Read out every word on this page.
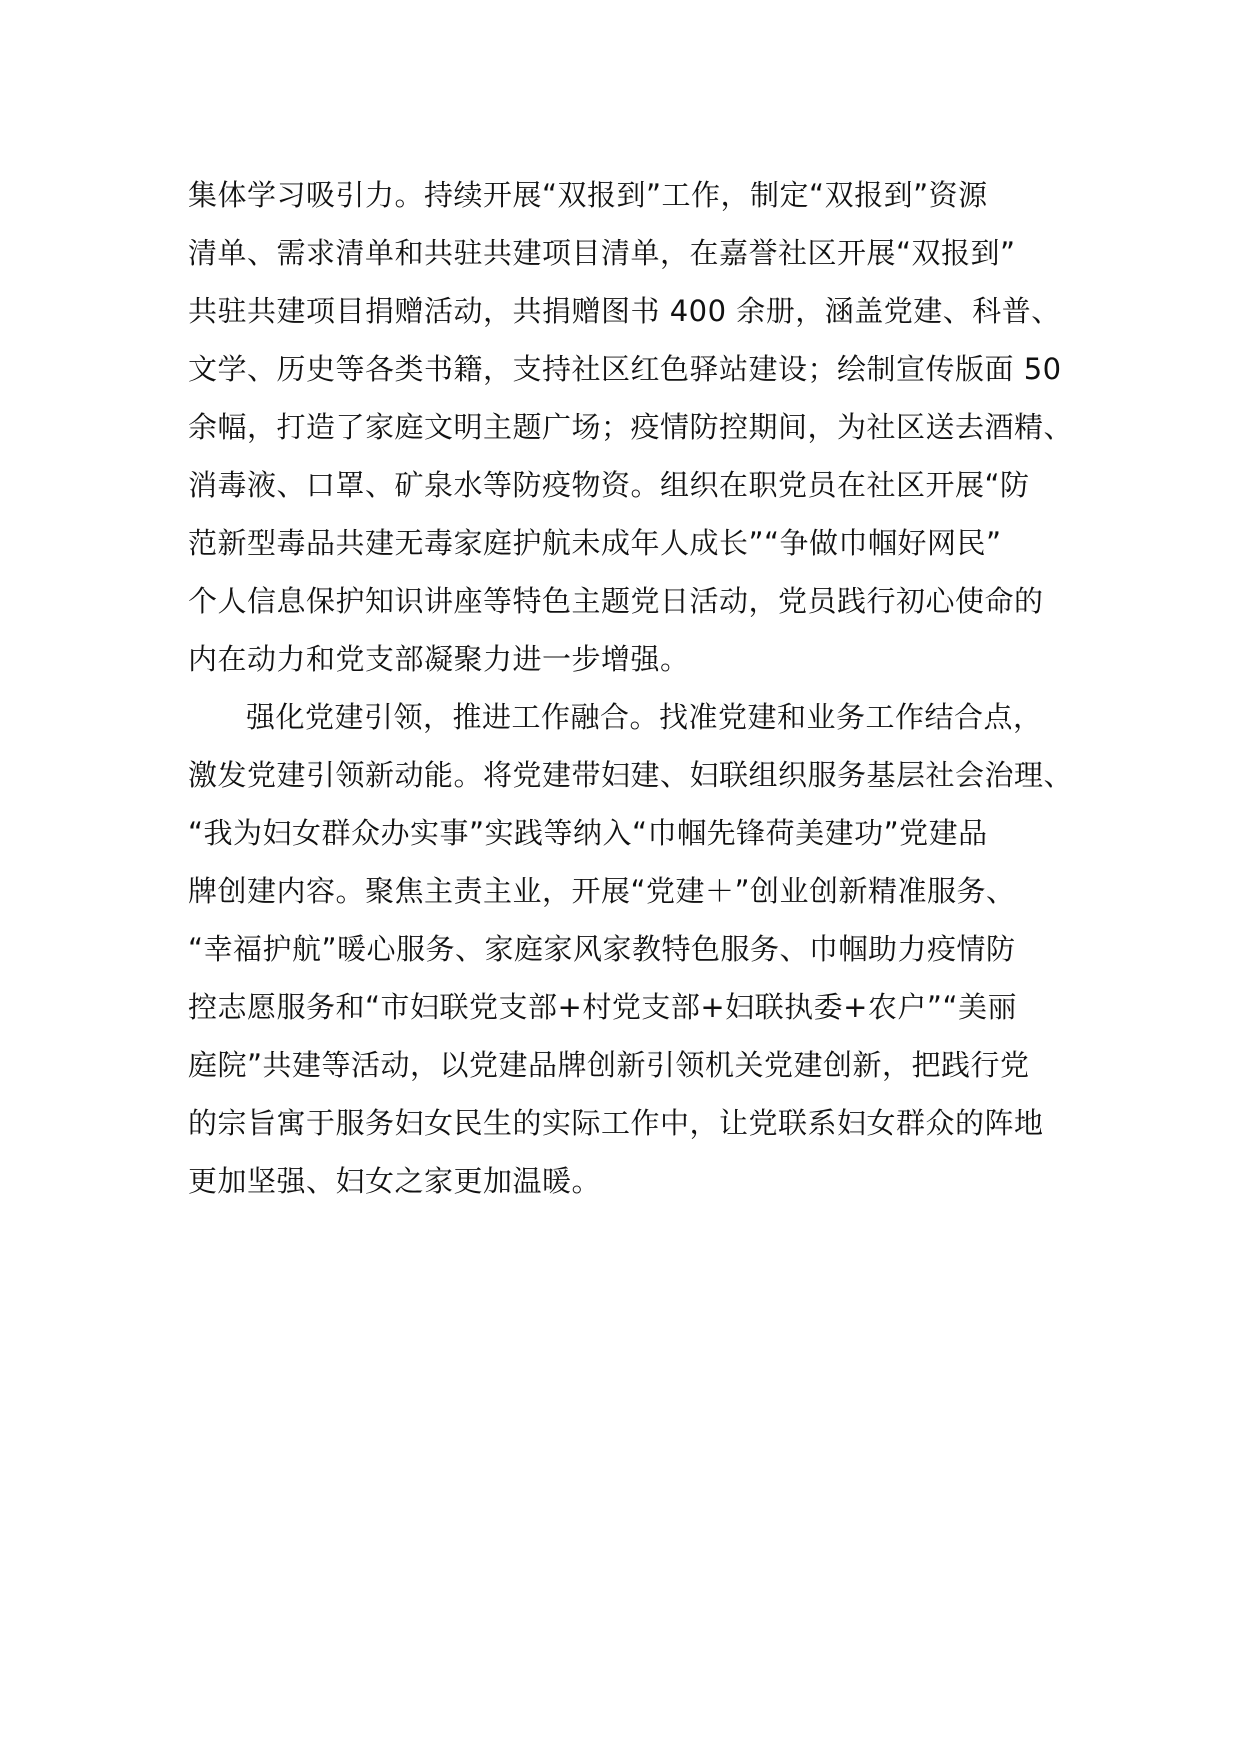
集体学习吸引力。持续开展“双报到”工作，制定“双报到”资源
清单、需求清单和共驻共建项目清单，在嘉誉社区开展“双报到”
共驻共建项目捐赠活动，共捐赠图书 400 余册，涵盖党建、科普、
文学、历史等各类书籍，支持社区红色驿站建设；绘制宣传版面 50
余幅，打造了家庭文明主题广场；疫情防控期间，为社区送去酒精、
消毒液、口罩、矿泉水等防疫物资。组织在职党员在社区开展“防
范新型毒品共建无毒家庭护航未成年人成长”“争做巾帼好网民”
个人信息保护知识讲座等特色主题党日活动，党员践行初心使命的
内在动力和党支部凝聚力进一步增强。
强化党建引领，推进工作融合。找准党建和业务工作结合点，
激发党建引领新动能。将党建带妇建、妇联组织服务基层社会治理、
“我为妇女群众办实事”实践等纳入“巾帼先锋荷美建功”党建品
牌创建内容。聚焦主责主业，开展“党建＋”创业创新精准服务、
“幸福护航”暖心服务、家庭家风家教特色服务、巾帼助力疫情防
控志愿服务和“市妇联党支部+村党支部+妇联执委+农户”“美丽
庭院”共建等活动，以党建品牌创新引领机关党建创新，把践行党
的宗旨寓于服务妇女民生的实际工作中，让党联系妇女群众的阵地
更加坚强、妇女之家更加温暖。
